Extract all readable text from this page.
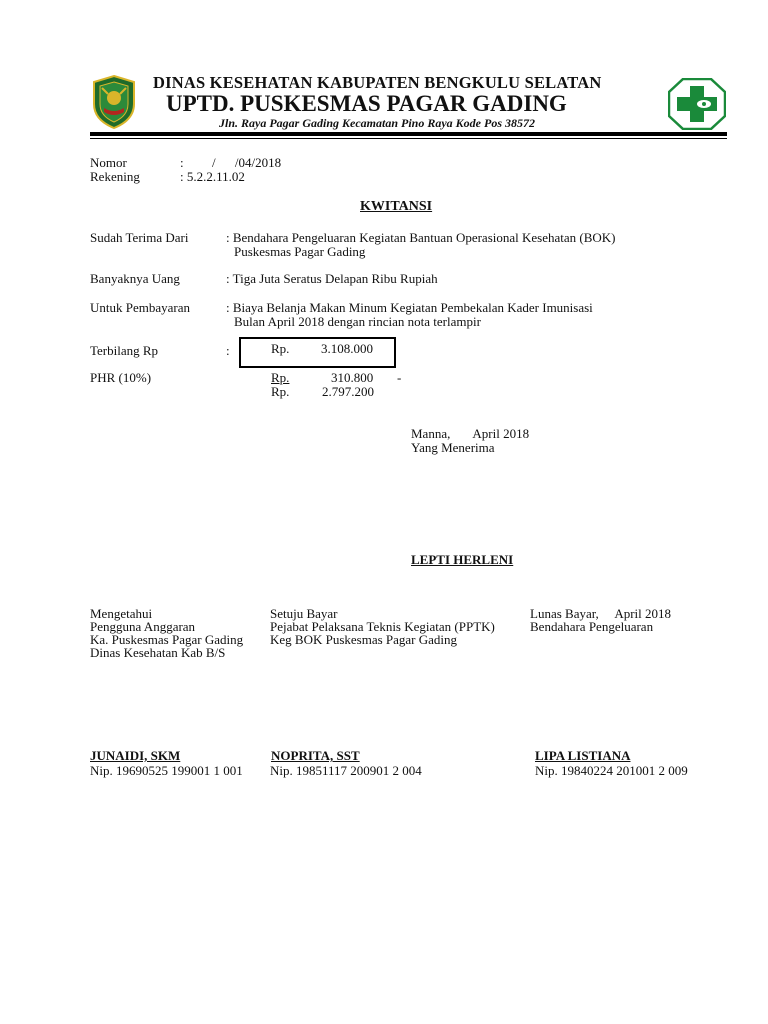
DINAS KESEHATAN KABUPATEN BENGKULU SELATAN
UPTD. PUSKESMAS PAGAR GADING
Jln. Raya Pagar Gading Kecamatan Pino Raya Kode Pos 38572
Nomor	: / /04/2018
Rekening	: 5.2.2.11.02
KWITANSI
Sudah Terima Dari	: Bendahara Pengeluaran Kegiatan Bantuan Operasional Kesehatan (BOK)
Puskesmas Pagar Gading
Banyaknya Uang	: Tiga Juta Seratus Delapan Ribu Rupiah
Untuk Pembayaran	: Biaya Belanja Makan Minum Kegiatan Pembekalan Kader Imunisasi
Bulan April 2018 dengan rincian nota terlampir
Terbilang Rp	:	Rp. 3.108.000
PHR (10%)	Rp.	310.800 -
Rp.	2.797.200
Manna,       April 2018
Yang Menerima
LEPTI HERLENI
Mengetahui
Pengguna Anggaran
Ka. Puskesmas Pagar Gading
Dinas Kesehatan Kab B/S
JUNAIDI, SKM
Nip. 19690525 199001 1 001
Setuju Bayar
Pejabat Pelaksana Teknis Kegiatan (PPTK)
Keg BOK Puskesmas Pagar Gading
NOPRITA, SST
Nip. 19851117 200901 2 004
Lunas Bayar,     April 2018
Bendahara Pengeluaran
LIPA LISTIANA
Nip. 19840224 201001 2 009
